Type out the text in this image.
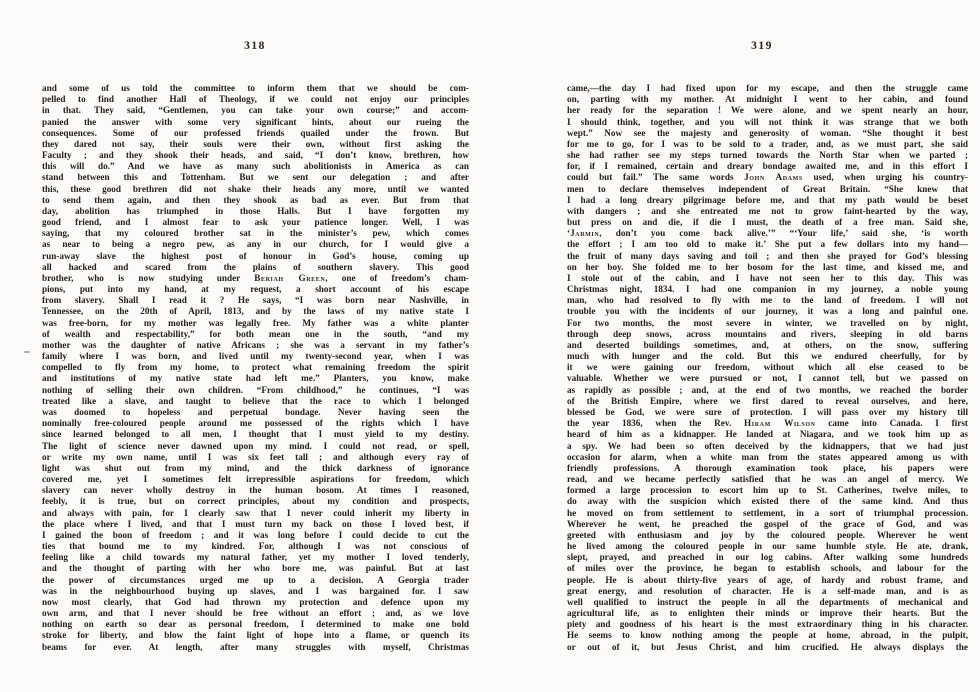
318	319
and some of us told the committee to inform them that we should be com-
pelled to find another Hall of Theology, if we could not enjoy our principles
in that. They said, “Gentlemen, you can take your own course;” and accom-
panied the answer with some very significant hints, about our rueing the
consequences. Some of our professed friends quailed under the frown. But
they dared not say, their souls were their own, without first asking the
Faculty ; and they shook their heads, and said, “I don’t know, brethren, how
this will do.” And we have as many such abolitionists in America as can
stand between this and Tottenham. But we sent our delegation ; and after
this, these good brethren did not shake their heads any more, until we wanted
to send them again, and then they shook as bad as ever. But from that
day, abolition has triumphed in those Halls. But I have forgotten my
good friend, and I almost fear to ask your patience longer. Well, I was
saying, that my coloured brother sat in the minister’s pew, which comes
as near to being a negro pew, as any in our church, for I would give a
run-away slave the highest post of honour in God’s house, coming up
all hacked and scared from the plains of southern slavery. This good
brother, who is now studying under Beriah Green, one of freedom’s cham-
pions, put into my hand, at my request, a short account of his escape
from slavery. Shall I read it ? He says, “I was born near Nashville, in
Tennessee, on the 20th of April, 1813, and by the laws of my native state I
was free-born, for my mother was legally free. My father was a white planter
of wealth and respectability,” for both mean one in the south, “and my
mother was the daughter of native Africans ; she was a servant in my father’s
family where I was born, and lived until my twenty-second year, when I was
compelled to fly from my home, to protect what remaining freedom the spirit
and institutions of my native state had left me.” Planters, you know, make
nothing of selling their own children. “From childhood,” he continues, “I was
treated like a slave, and taught to believe that the race to which I belonged
was doomed to hopeless and perpetual bondage. Never having seen the
nominally free-coloured people around me possessed of the rights which I have
since learned belonged to all men, I thought that I must yield to my destiny.
The light of science never dawned upon my mind. I could not read, or spell,
or write my own name, until I was six feet tall ; and although every ray of
light was shut out from my mind, and the thick darkness of ignorance
covered me, yet I sometimes felt irrepressible aspirations for freedom, which
slavery can never wholly destroy in the human bosom. At times I reasoned,
feebly, it is true, but on correct principles, about my condition and prospects,
and always with pain, for I clearly saw that I never could inherit my liberty in
the place where I lived, and that I must turn my back on those I loved best, if
I gained the boon of freedom ; and it was long before I could decide to cut the
ties that bound me to my kindred. For, although I was not conscious of
feeling like a child towards my natural father, yet my mother I loved tenderly,
and the thought of parting with her who bore me, was painful. But at last
the power of circumstances urged me up to a decision. A Georgia trader
was in the neighbourhood buying up slaves, and I was bargained for. I saw
now most clearly, that God had thrown my protection and defence upon my
own arm, and that I never should be free without an effort ; and, as we love
nothing on earth so dear as personal freedom, I determined to make one bold
stroke for liberty, and blow the faint light of hope into a flame, or quench its
beams for ever. At length, after many struggles with myself, Christmas
came,—the day I had fixed upon for my escape, and then the struggle came
on, parting with my mother. At midnight I went to her cabin, and found
her ready for the separation ! We were alone, and we spent nearly an hour,
I should think, together, and you will not think it was strange that we both
wept.” Now see the majesty and generosity of woman. “She thought it best
for me to go, for I was to be sold to a trader, and, as we must part, she said
she had rather see my steps turned towards the North Star when we parted ;
for, if I remained, certain and dreary bondage awaited me, and in this effort I
could but fail.” The same words John Adams used, when urging his country-
men to declare themselves independent of Great Britain. “She knew that
I had a long dreary pilgrimage before me, and that my path would be beset
with dangers ; and she entreated me not to grow faint-hearted by the way,
but press on and die, if die I must, the death of a free man. Said she,
‘Jarmin, don’t you come back alive.’” “‘Your life,’ said she, ‘is worth
the effort ; I am too old to make it.’ She put a few dollars into my hand—
the fruit of many days saving and toil ; and then she prayed for God’s blessing
on her boy. She folded me to her bosom for the last time, and kissed me, and
I stole out of the cabin, and I have not seen her to this day. This was
Christmas night, 1834. I had one companion in my journey, a noble young
man, who had resolved to fly with me to the land of freedom. I will not
trouble you with the incidents of our journey, it was a long and painful one.
For two months, the most severe in winter, we travelled on by night,
through deep snows, across mountains and rivers, sleeping in old barns
and deserted buildings sometimes, and, at others, on the snow, suffering
much with hunger and the cold. But this we endured cheerfully, for by
it we were gaining our freedom, without which all else ceased to be
valuable. Whether we were pursued or not, I cannot tell, but we passed on
as rapidly as possible ; and, at the end of two months, we reached the border
of the British Empire, where we first dared to reveal ourselves, and here,
blessed be God, we were sure of protection. I will pass over my history till
the year 1836, when the Rev. Hiram Wilson came into Canada. I first
heard of him as a kidnapper. He landed at Niagara, and we took him up as
a spy. We had been so often deceived by the kidnappers, that we had just
occasion for alarm, when a white man from the states appeared among us with
friendly professions. A thorough examination took place, his papers were
read, and we became perfectly satisfied that he was an angel of mercy. We
formed a large procession to escort him up to St. Catherines, twelve miles, to
do away with the suspicion which existed there of the same kind. And thus
he moved on from settlement to settlement, in a sort of triumphal procession.
Wherever he went, he preached the gospel of the grace of God, and was
greeted with enthusiasm and joy by the coloured people. Wherever he went
he lived among the coloured people in our same humble style. He ate, drank,
slept, prayed, and preached in our log cabins. After walking some hundreds
of miles over the province, he began to establish schools, and labour for the
people. He is about thirty-five years of age, of hardy and robust frame, and
great energy, and resolution of character. He is a self-made man, and is as
well qualified to instruct the people in all the departments of mechanical and
agricultural life, as to enlighten their minds or improve their hearts. But the
piety and goodness of his heart is the most extraordinary thing in his character.
He seems to know nothing among the people at home, abroad, in the pulpit,
or out of it, but Jesus Christ, and him crucified. He always displays the
